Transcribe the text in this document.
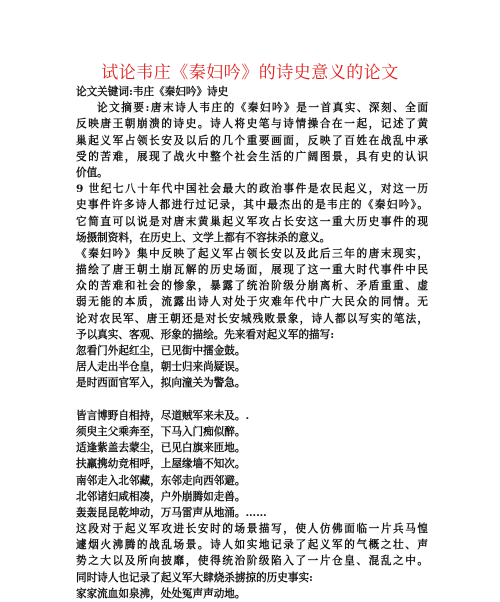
试论韦庄《秦妇吟》的诗史意义的论文
论文关键词:韦庄《秦妇吟》诗史
论文摘要:唐末诗人韦庄的《秦妇吟》是一首真实、深刻、全面
反映唐王朝崩溃的诗史。诗人将史笔与诗情操合在一起，记述了黄
巢起义军占领长安及以后的几个重要画面，反映了百姓在战乱中承
受的苦难，展现了战火中整个社会生活的广阔图景，具有史的认识
价值。
9 世纪七八十年代中国社会最大的政治事件是农民起义，对这一历
史事件许多诗人都进行过记录，其中最杰出的是韦庄的《秦妇吟》。
它简直可以说是对唐末黄巢起义军攻占长安这一重大历史事件的现
场摄制资料，在历史上、文学上都有不容抹杀的意义。
《秦妇吟》集中反映了起义军占领长安以及此后三年的唐末现实，
描绘了唐王朝土崩瓦解的历史场面，展现了这一重大时代事件中民
众的苦难和社会的惨象，暴露了统治阶级分崩离析、矛盾重重、虚
弱无能的本质，流露出诗人对处于灾难年代中广大民众的同情。无
论对农民军、唐王朝还是对长安城残败景象，诗人都以写实的笔法，
予以真实、客观、形象的描绘。先来看对起义军的描写:
忽看门外起红尘，已见街中擂金鼓。
居人走出半仓皇，朝士归来尚疑误。
是时西面官军入，拟向潼关为警急。
皆言博野自相持，尽道贼军来未及。.
须臾主父乘奔至，下马入门痴似醉。
适逢紫盖去蒙尘，已见白旗来匝地。
扶羸携幼竞相呼，上屋缘墙不知次。
南邻走入北邻藏，东邻走向西邻避。
北邻诸妇咸相凑，户外崩腾如走兽。
轰轰昆昆乾坤动，万马雷声从地涌。……
这段对于起义军攻进长安时的场景描写，使人仿佛面临一片兵马惶
遽烟火沸腾的战乱场景。诗人如实地记录了起义军的气概之壮、声
势之大以及所向披靡，使得统治阶级陷入了一片仓皇、混乱之中。
同时诗人也记录了起义军大肆烧杀掳掠的历史事实:
家家流血如泉沸，处处冤声声动地。
